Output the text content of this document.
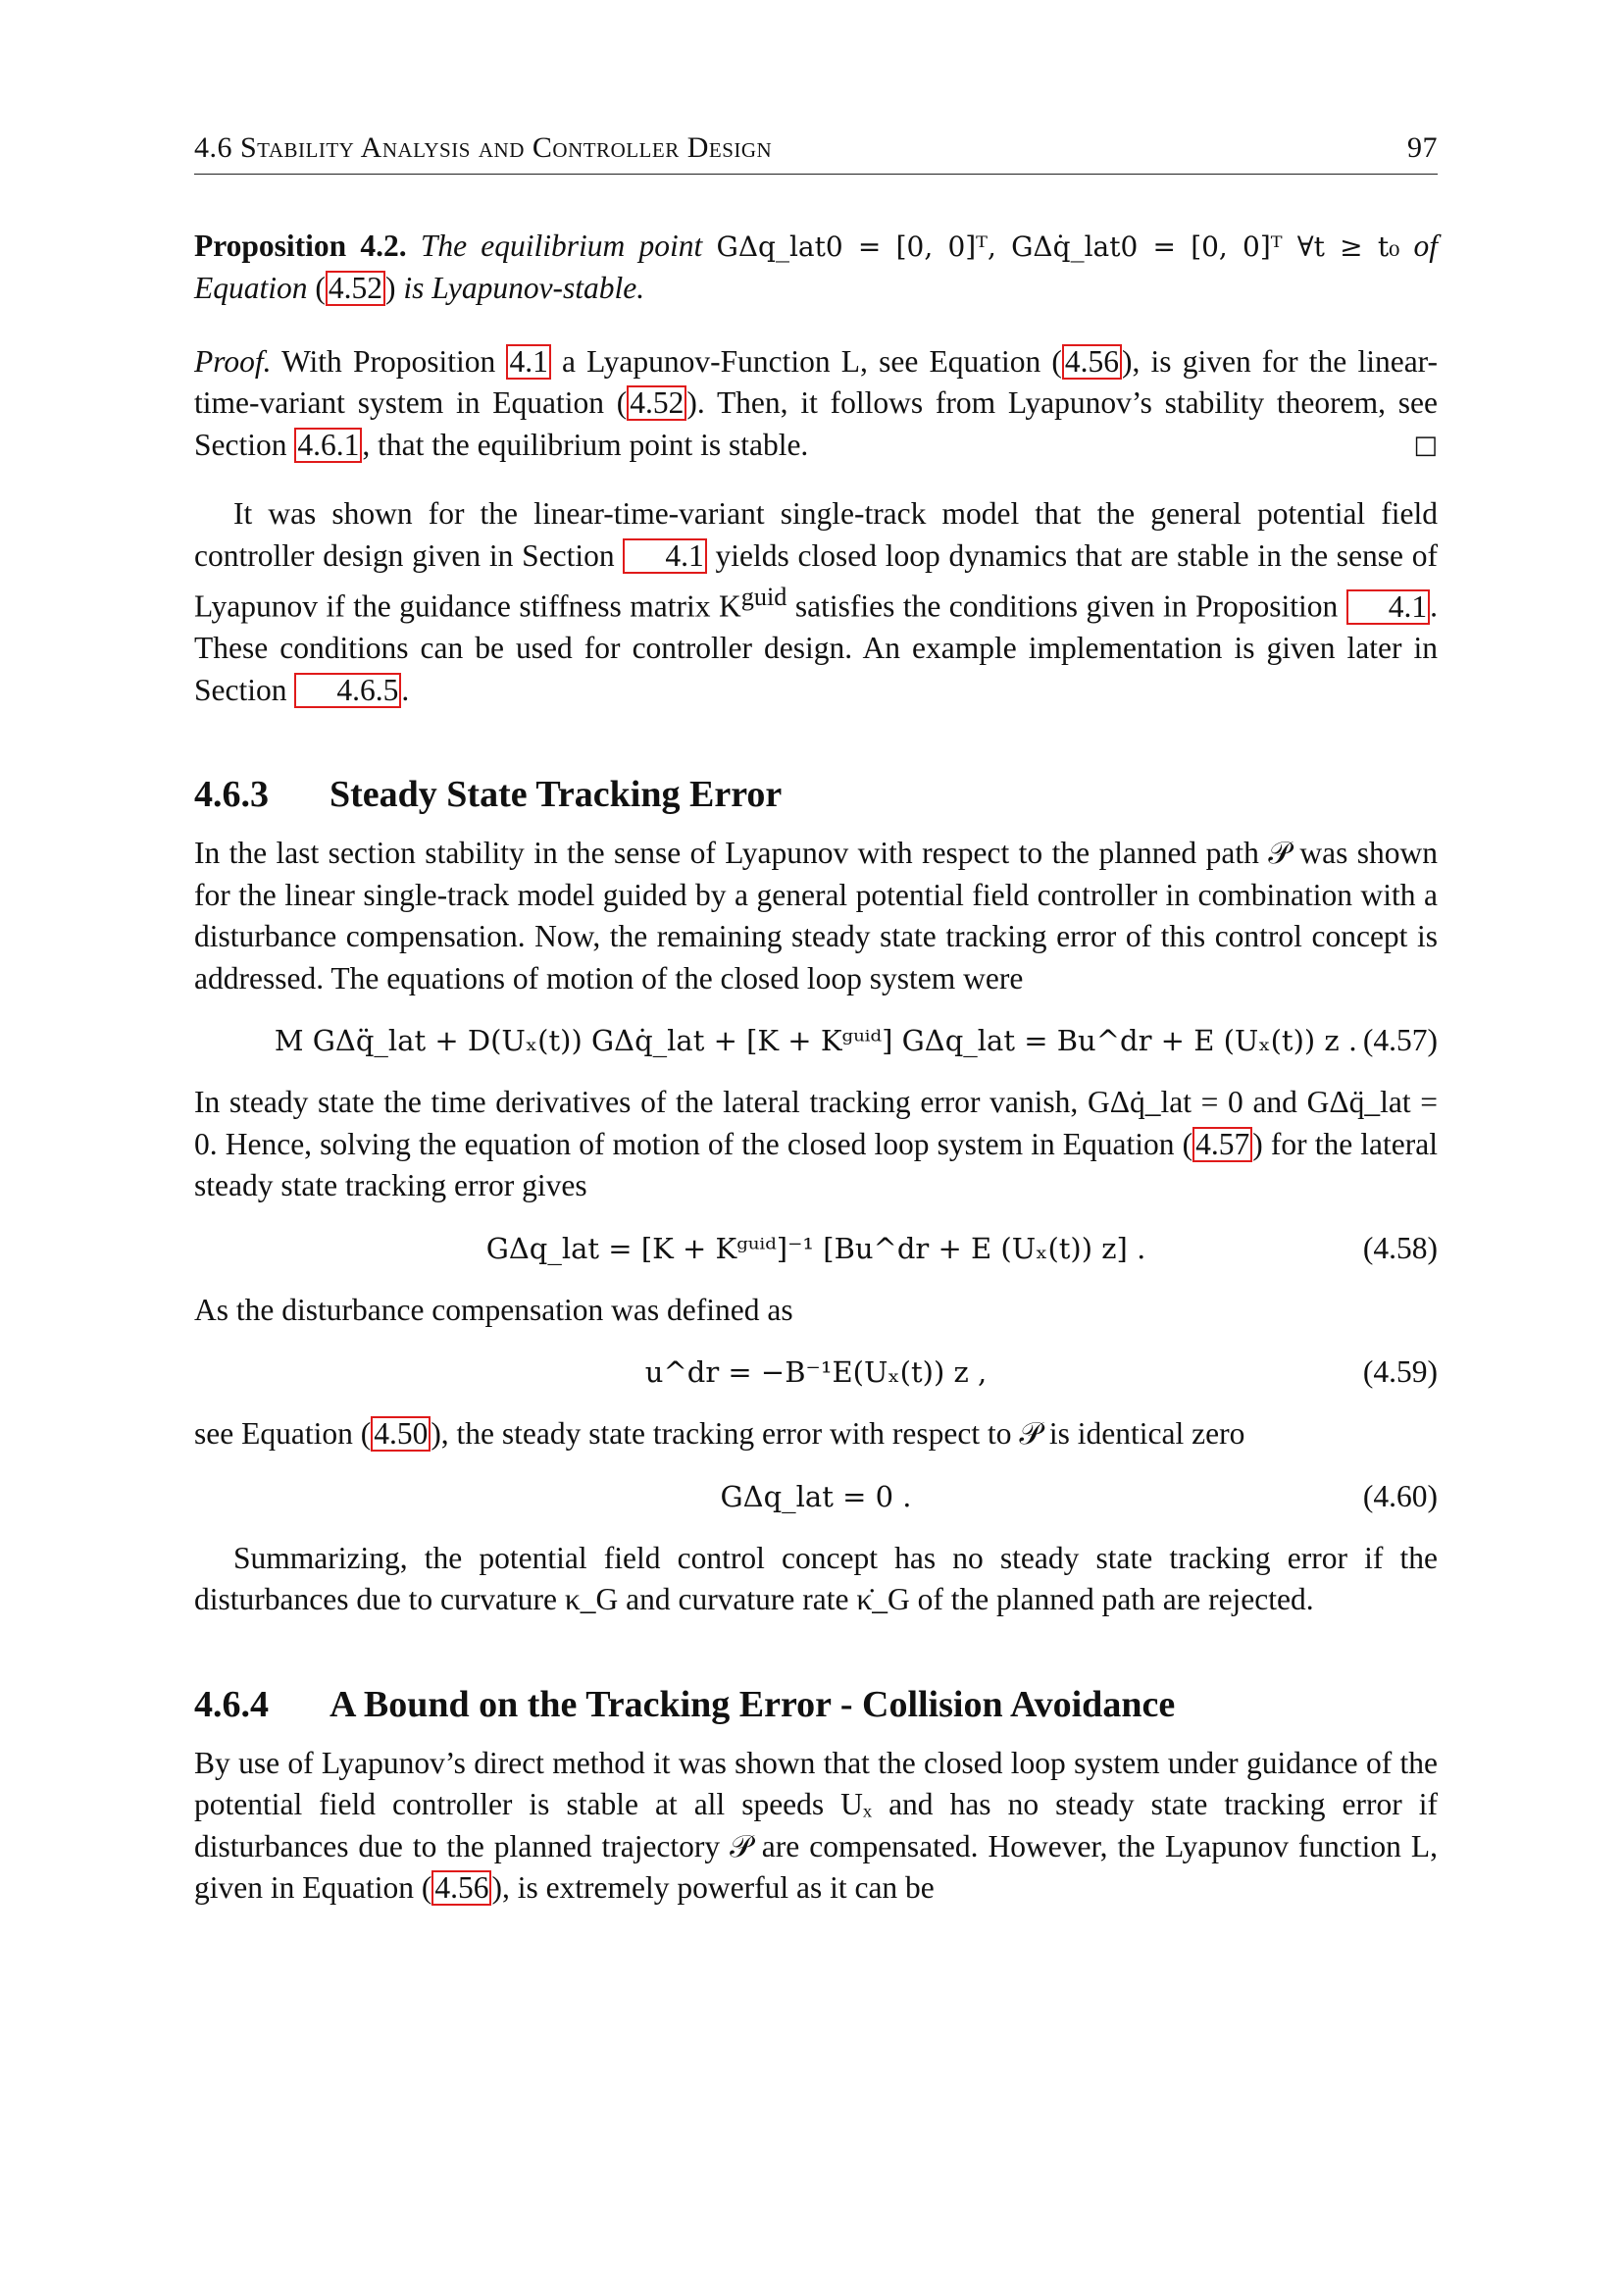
4.6 Stability Analysis and Controller Design	97

Proposition 4.2. The equilibrium point GΔq_lat0 = [0, 0]ᵀ, GΔq̇_lat0 = [0, 0]ᵀ ∀t ≥ t₀ of Equation (4.52) is Lyapunov-stable.

Proof. With Proposition 4.1 a Lyapunov-Function L, see Equation (4.56), is given for the linear-time-variant system in Equation (4.52). Then, it follows from Lyapunov’s stability theorem, see Section 4.6.1, that the equilibrium point is stable.	□

It was shown for the linear-time-variant single-track model that the general potential field controller design given in Section 4.1 yields closed loop dynamics that are stable in the sense of Lyapunov if the guidance stiffness matrix $K^{guid}$ satisfies the conditions given in Proposition 4.1. These conditions can be used for controller design. An example implementation is given later in Section 4.6.5.

4.6.3 Steady State Tracking Error

In the last section stability in the sense of Lyapunov with respect to the planned path 𝒫 was shown for the linear single-track model guided by a general potential field controller in combination with a disturbance compensation. Now, the remaining steady state tracking error of this control concept is addressed. The equations of motion of the closed loop system were

M GΔq̈_lat + D(Uₓ(t)) GΔq̇_lat + [K + Kᵍᵘⁱᵈ] GΔq_lat = Bu^dr + E (Uₓ(t)) z . (4.57)

In steady state the time derivatives of the lateral tracking error vanish, GΔq̇_lat = 0 and GΔq̈_lat = 0. Hence, solving the equation of motion of the closed loop system in Equation (4.57) for the lateral steady state tracking error gives

GΔq_lat = [K + Kᵍᵘⁱᵈ]⁻¹ [Bu^dr + E (Uₓ(t)) z] .	(4.58)

As the disturbance compensation was defined as

u^dr = −B⁻¹E(Uₓ(t)) z ,	(4.59)

see Equation (4.50), the steady state tracking error with respect to 𝒫 is identical zero

GΔq_lat = 0 .	(4.60)

Summarizing, the potential field control concept has no steady state tracking error if the disturbances due to curvature κ_G and curvature rate κ̇_G of the planned path are rejected.

4.6.4 A Bound on the Tracking Error - Collision Avoidance

By use of Lyapunov’s direct method it was shown that the closed loop system under guidance of the potential field controller is stable at all speeds Uₓ and has no steady state tracking error if disturbances due to the planned trajectory 𝒫 are compensated. However, the Lyapunov function L, given in Equation (4.56), is extremely powerful as it can be
